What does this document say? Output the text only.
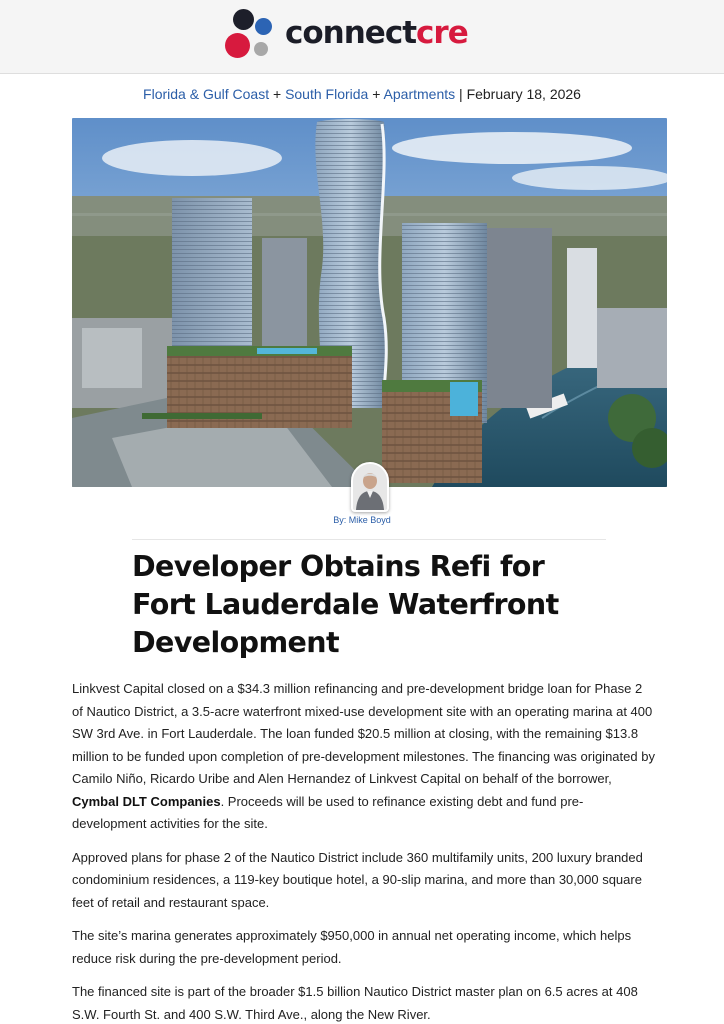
connectcre
Florida & Gulf Coast + South Florida + Apartments | February 18, 2026
By: Mike Boyd
Developer Obtains Refi for Fort Lauderdale Waterfront Development

Linkvest Capital closed on a $34.3 million refinancing and pre-development bridge loan for Phase 2 of Nautico District, a 3.5-acre waterfront mixed-use development site with an operating marina at 400 SW 3rd Ave. in Fort Lauderdale. The loan funded $20.5 million at closing, with the remaining $13.8 million to be funded upon completion of pre-development milestones. The financing was originated by Camilo Niño, Ricardo Uribe and Alen Hernandez of Linkvest Capital on behalf of the borrower, Cymbal DLT Companies. Proceeds will be used to refinance existing debt and fund pre-development activities for the site.

Approved plans for phase 2 of the Nautico District include 360 multifamily units, 200 luxury branded condominium residences, a 119-key boutique hotel, a 90-slip marina, and more than 30,000 square feet of retail and restaurant space.

The site’s marina generates approximately $950,000 in annual net operating income, which helps reduce risk during the pre-development period.

The financed site is part of the broader $1.5 billion Nautico District master plan on 6.5 acres at 408 S.W. Fourth St. and 400 S.W. Third Ave., along the New River.
